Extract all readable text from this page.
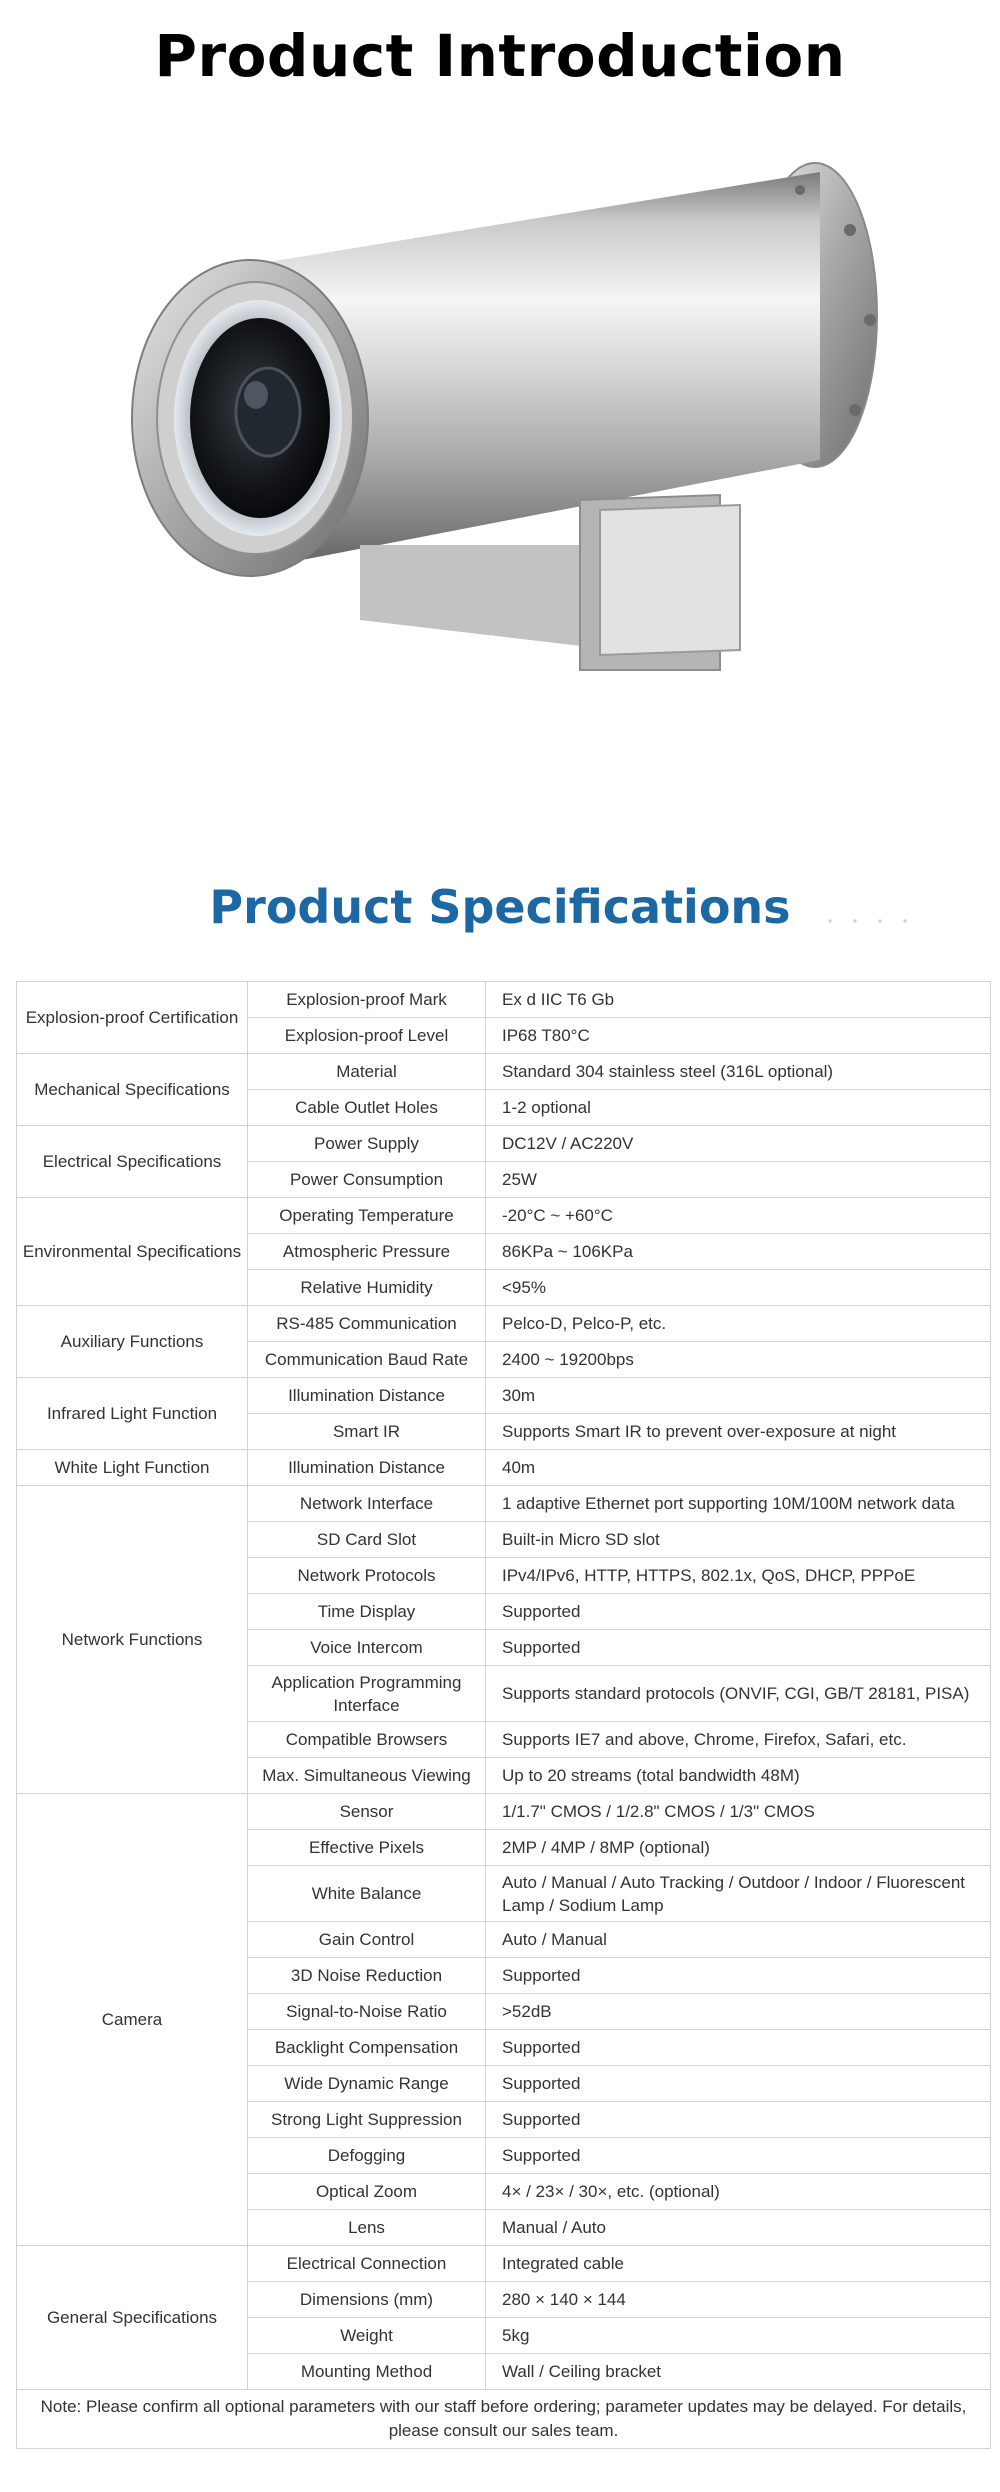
Product Introduction
Product Specifications
Explosion-proof Certification	Explosion-proof Mark	Ex d IIC T6 Gb
	Explosion-proof Level	IP68 T80°C
Mechanical Specifications	Material	Standard 304 stainless steel (316L optional)
	Cable Outlet Holes	1-2 optional
Electrical Specifications	Power Supply	DC12V / AC220V
	Power Consumption	25W
Environmental Specifications	Operating Temperature	-20°C ~ +60°C
	Atmospheric Pressure	86KPa ~ 106KPa
	Relative Humidity	<95%
Auxiliary Functions	RS-485 Communication	Pelco-D, Pelco-P, etc.
	Communication Baud Rate	2400 ~ 19200bps
Infrared Light Function	Illumination Distance	30m
	Smart IR	Supports Smart IR to prevent over-exposure at night
White Light Function	Illumination Distance	40m
Network Functions	Network Interface	1 adaptive Ethernet port supporting 10M/100M network data
	SD Card Slot	Built-in Micro SD slot
	Network Protocols	IPv4/IPv6, HTTP, HTTPS, 802.1x, QoS, DHCP, PPPoE
	Time Display	Supported
	Voice Intercom	Supported
	Application Programming Interface	Supports standard protocols (ONVIF, CGI, GB/T 28181, PISA)
	Compatible Browsers	Supports IE7 and above, Chrome, Firefox, Safari, etc.
	Max. Simultaneous Viewing	Up to 20 streams (total bandwidth 48M)
Camera	Sensor	1/1.7" CMOS / 1/2.8" CMOS / 1/3" CMOS
	Effective Pixels	2MP / 4MP / 8MP (optional)
	White Balance	Auto / Manual / Auto Tracking / Outdoor / Indoor / Fluorescent Lamp / Sodium Lamp
	Gain Control	Auto / Manual
	3D Noise Reduction	Supported
	Signal-to-Noise Ratio	>52dB
	Backlight Compensation	Supported
	Wide Dynamic Range	Supported
	Strong Light Suppression	Supported
	Defogging	Supported
	Optical Zoom	4× / 23× / 30×, etc. (optional)
	Lens	Manual / Auto
General Specifications	Electrical Connection	Integrated cable
	Dimensions (mm)	280 × 140 × 144
	Weight	5kg
	Mounting Method	Wall / Ceiling bracket
Note: Please confirm all optional parameters with our staff before ordering; parameter updates may be delayed. For details, please consult our sales team.		
